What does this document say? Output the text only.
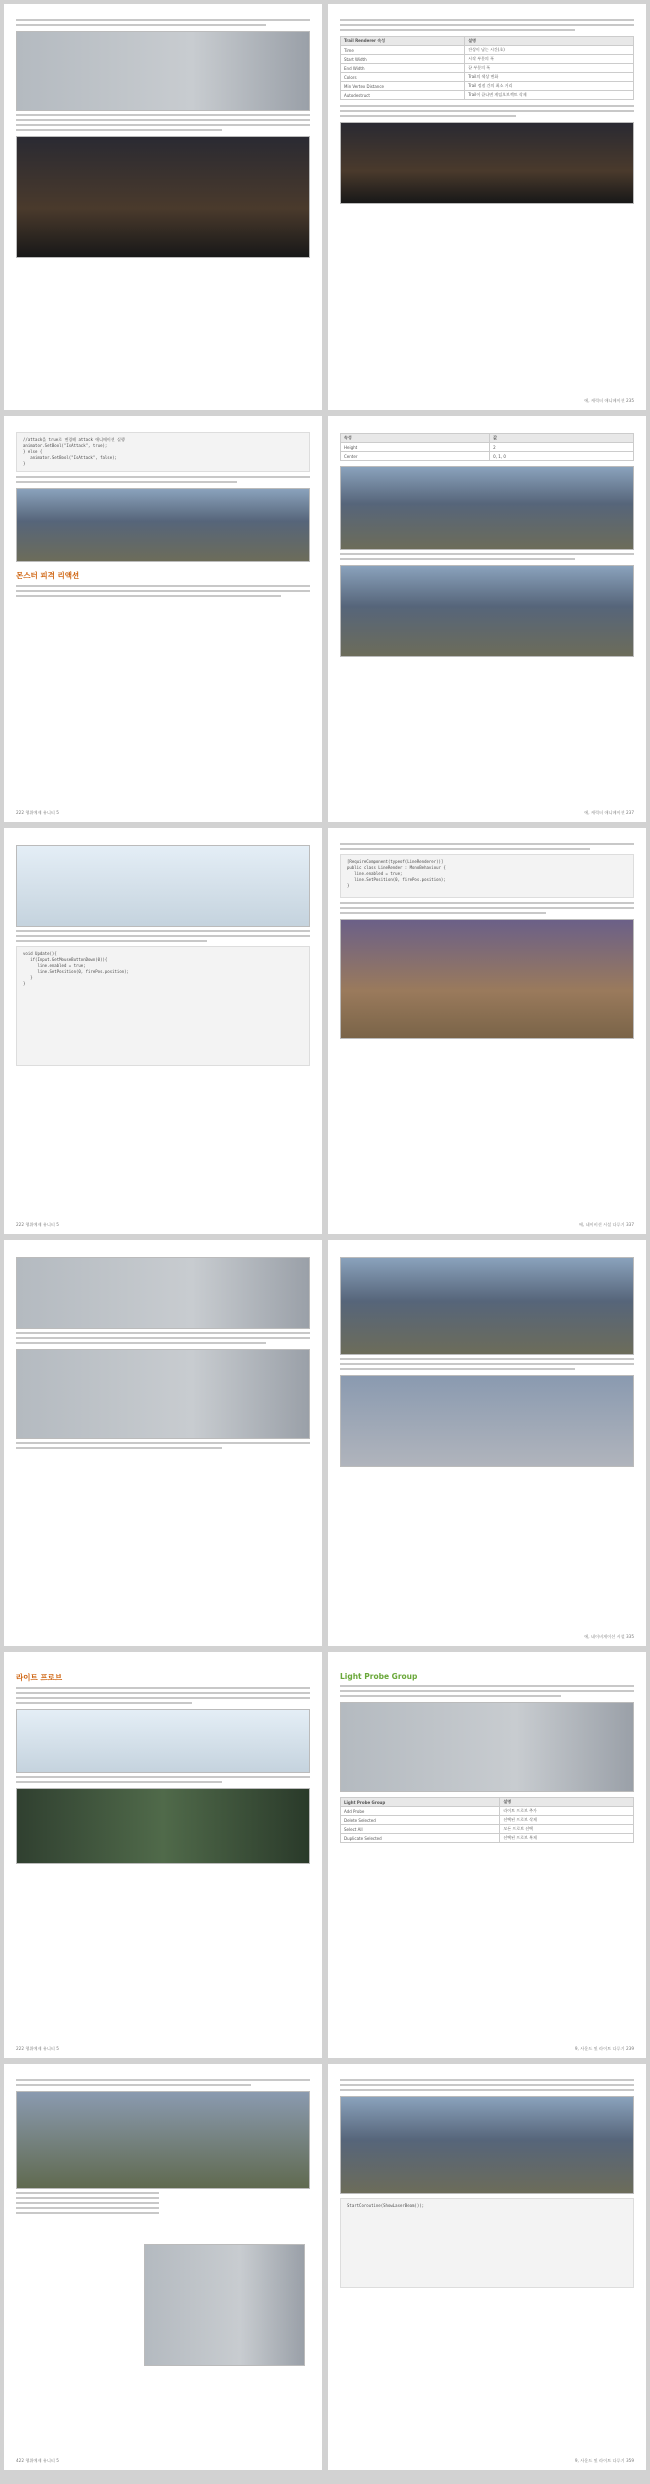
Trail Renderer 속성	설명
Time	잔상이 남는 시간(초)
Start Width	시작 부분의 폭
End Width	끝 부분의 폭
Colors	Trail의 색상 변화
Min Vertex Distance	Trail 정점 간의 최소 거리
Autodestruct	Trail이 끝나면 게임오브젝트 삭제
에, 캐릭터 애니메이션 235
//attack을 true로 변경해 attack 애니메이션 실행
animator.SetBool("IsAttack", true);
} else {
animator.SetBool("IsAttack", false);
}
몬스터 피격 리액션
222 행위예제 유니티 5
속성	값
Height	2
Center	0, 1, 0
에, 캐릭터 애니메이션 237
void Update(){
if(Input.GetMouseButtonDown(0)){
line.enabled = true;
line.SetPosition(0, firePos.position);
}
}
222 행위예제 유니티 5
[RequireComponent(typeof(LineRenderer))]
public class LineRender : MonoBehaviour {
line.enabled = true;
line.SetPosition(0, firePos.position);
}
에, 네이비션 시설 다루기 337
에, 네이비게이션 시설 335
라이트 프로브
222 행위예제 유니티 5
Light Probe Group
Light Probe Group	설명
Add Probe	라이트 프로브 추가
Delete Selected	선택된 프로브 삭제
Select All	모든 프로브 선택
Duplicate Selected	선택된 프로브 복제
9, 사운드 및 라이트 다루기 239
422 행위예제 유니티 5
StartCoroutine(ShowLaserBeam());
9, 사운드 및 라이트 다루기 359
